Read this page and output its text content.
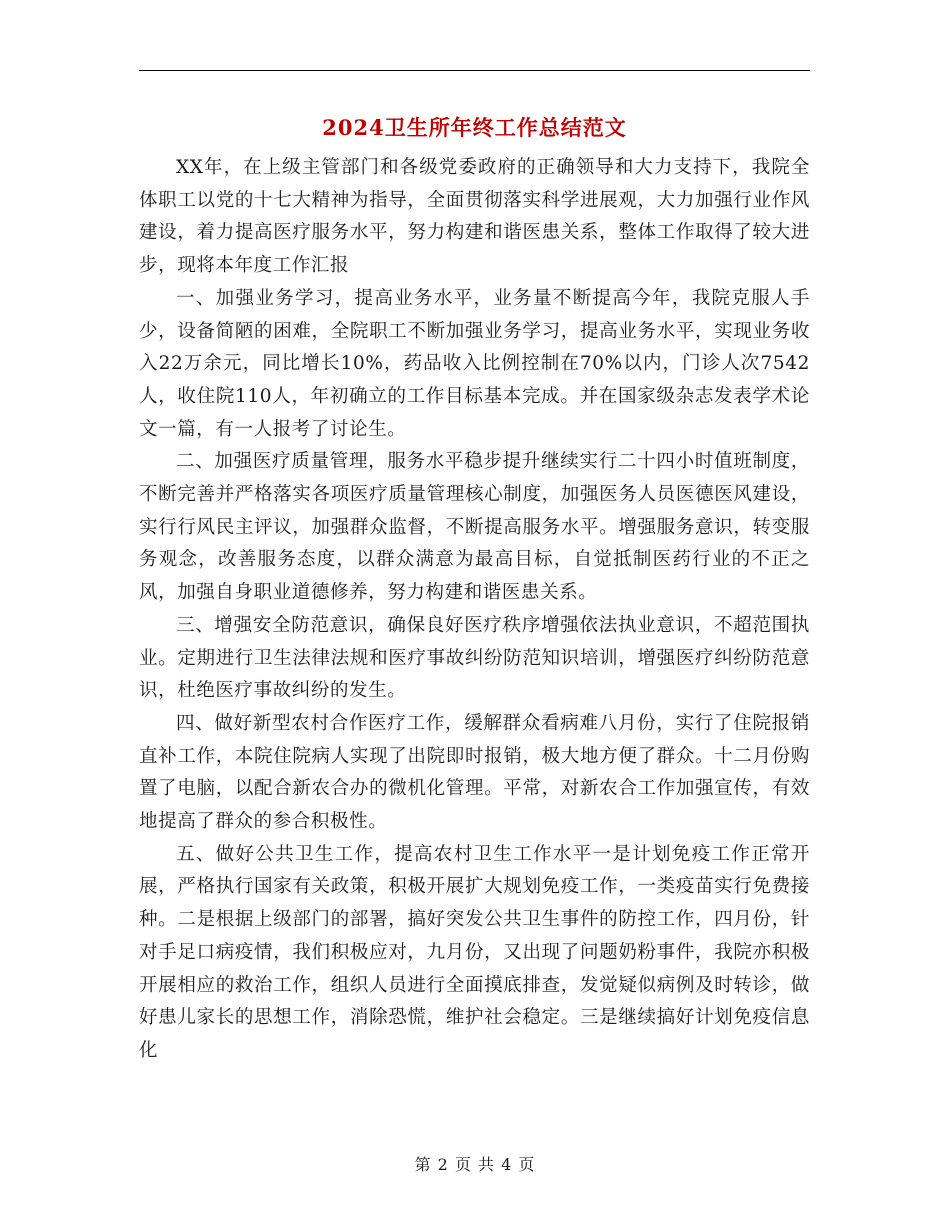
2024卫生所年终工作总结范文

XX年，在上级主管部门和各级党委政府的正确领导和大力支持下，我院全体职工以党的十七大精神为指导，全面贯彻落实科学进展观，大力加强行业作风建设，着力提高医疗服务水平，努力构建和谐医患关系，整体工作取得了较大进步，现将本年度工作汇报

一、加强业务学习，提高业务水平，业务量不断提高今年，我院克服人手少，设备简陋的困难，全院职工不断加强业务学习，提高业务水平，实现业务收入22万余元，同比增长10%，药品收入比例控制在70%以内，门诊人次7542人，收住院110人，年初确立的工作目标基本完成。并在国家级杂志发表学术论文一篇，有一人报考了讨论生。

二、加强医疗质量管理，服务水平稳步提升继续实行二十四小时值班制度，不断完善并严格落实各项医疗质量管理核心制度，加强医务人员医德医风建设，实行行风民主评议，加强群众监督，不断提高服务水平。增强服务意识，转变服务观念，改善服务态度，以群众满意为最高目标，自觉抵制医药行业的不正之风，加强自身职业道德修养，努力构建和谐医患关系。

三、增强安全防范意识，确保良好医疗秩序增强依法执业意识，不超范围执业。定期进行卫生法律法规和医疗事故纠纷防范知识培训，增强医疗纠纷防范意识，杜绝医疗事故纠纷的发生。

四、做好新型农村合作医疗工作，缓解群众看病难八月份，实行了住院报销直补工作，本院住院病人实现了出院即时报销，极大地方便了群众。十二月份购置了电脑，以配合新农合办的微机化管理。平常，对新农合工作加强宣传，有效地提高了群众的参合积极性。

五、做好公共卫生工作，提高农村卫生工作水平一是计划免疫工作正常开展，严格执行国家有关政策，积极开展扩大规划免疫工作，一类疫苗实行免费接种。二是根据上级部门的部署，搞好突发公共卫生事件的防控工作，四月份，针对手足口病疫情，我们积极应对，九月份，又出现了问题奶粉事件，我院亦积极开展相应的救治工作，组织人员进行全面摸底排查，发觉疑似病例及时转诊，做好患儿家长的思想工作，消除恐慌，维护社会稳定。三是继续搞好计划免疫信息化

第 2 页 共 4 页
